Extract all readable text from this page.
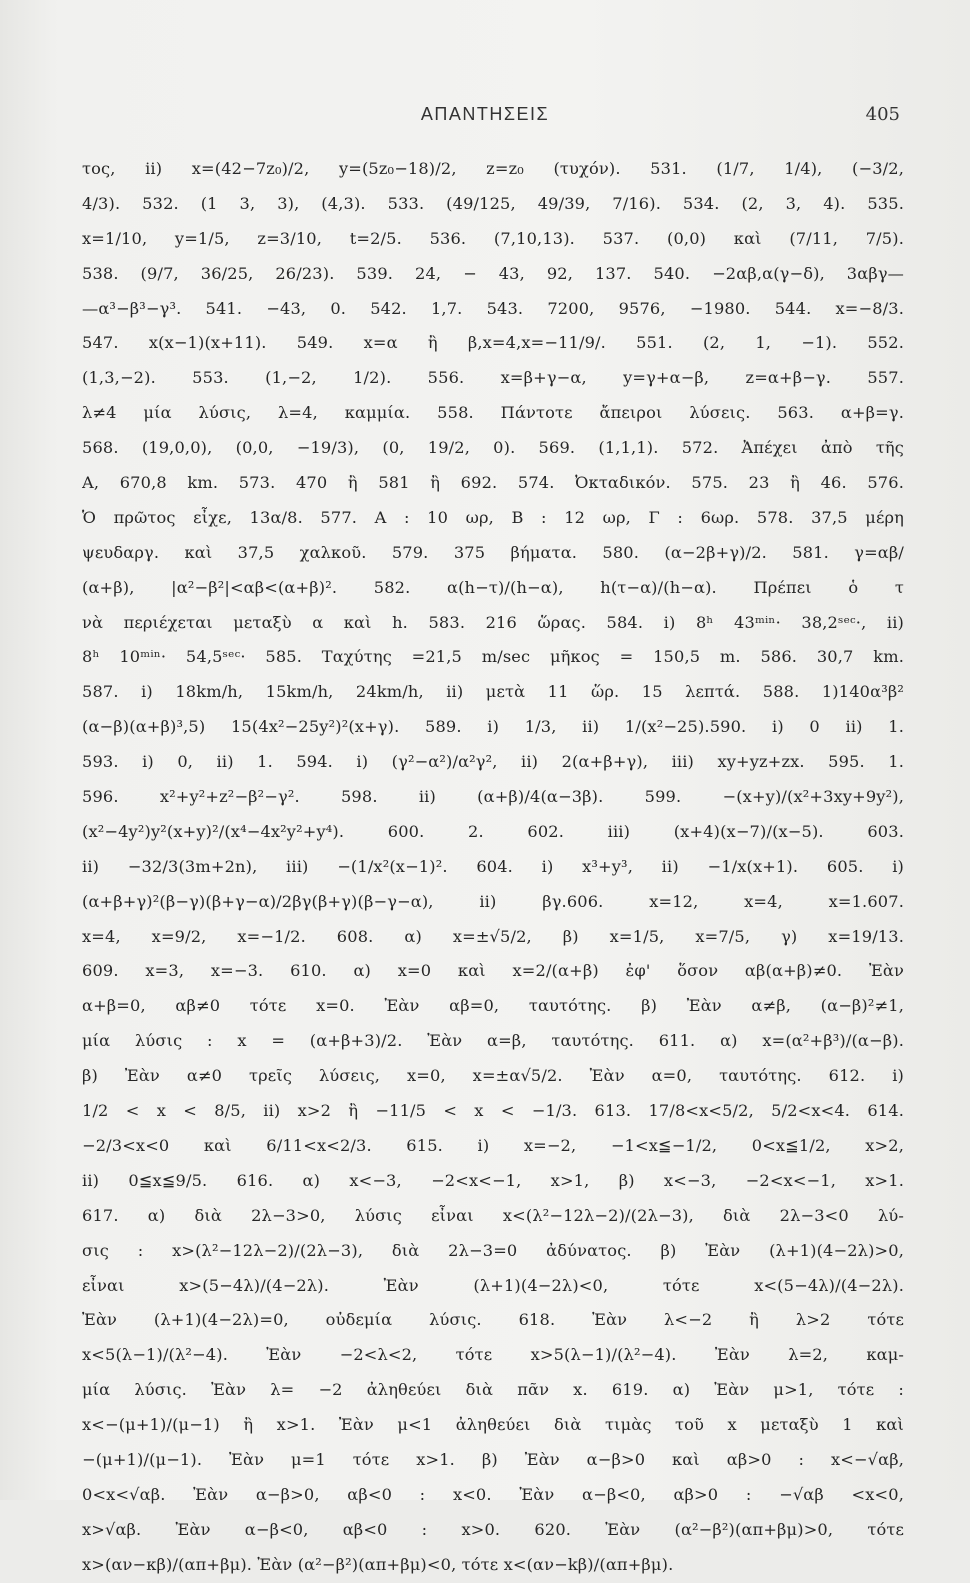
ΑΠΑΝΤΗΣΕΙΣ	405
τος, ii) x=(42−7z₀)/2, y=(5z₀−18)/2, z=z₀ (τυχόν). 531. (1/7, 1/4), (−3/2,
4/3). 532. (1 3, 3), (4,3). 533. (49/125, 49/39, 7/16). 534. (2, 3, 4). 535.
x=1/10, y=1/5, z=3/10, t=2/5. 536. (7,10,13). 537. (0,0) καὶ (7/11, 7/5).
538. (9/7, 36/25, 26/23). 539. 24, − 43, 92, 137. 540. −2αβ,α(γ−δ), 3αβγ—
—α³−β³−γ³. 541. −43, 0. 542. 1,7. 543. 7200, 9576, −1980. 544. x=−8/3.
547. x(x−1)(x+11). 549. x=α ἢ β,x=4,x=−11/9/. 551. (2, 1, −1). 552.
(1,3,−2). 553. (1,−2, 1/2). 556. x=β+γ−α, y=γ+α−β, z=α+β−γ. 557.
λ≠4 μία λύσις, λ=4, καμμία. 558. Πάντοτε ἄπειροι λύσεις. 563. α+β=γ.
568. (19,0,0), (0,0, −19/3), (0, 19/2, 0). 569. (1,1,1). 572. Ἀπέχει ἀπὸ τῆς
Α, 670,8 km. 573. 470 ἢ 581 ἢ 692. 574. Ὀκταδικόν. 575. 23 ἢ 46. 576.
Ὁ πρῶτος εἶχε, 13α/8. 577. Α : 10 ωρ, Β : 12 ωρ, Γ : 6ωρ. 578. 37,5 μέρη
ψευδαργ. καὶ 37,5 χαλκοῦ. 579. 375 βήματα. 580. (α−2β+γ)/2. 581. γ=αβ/
(α+β), |α²−β²|<αβ<(α+β)². 582. α(h−τ)/(h−α), h(τ−α)/(h−α). Πρέπει ὁ τ
νὰ περιέχεται μεταξὺ α καὶ h. 583. 216 ὥρας. 584. i) 8ʰ 43ᵐⁱⁿ· 38,2ˢᵉᶜ·, ii)
8ʰ 10ᵐⁱⁿ· 54,5ˢᵉᶜ· 585. Ταχύτης =21,5 m/sec μῆκος = 150,5 m. 586. 30,7 km.
587. i) 18km/h, 15km/h, 24km/h, ii) μετὰ 11 ὥρ. 15 λεπτά. 588. 1)140α³β²
(α−β)(α+β)³,5) 15(4x²−25y²)²(x+γ). 589. i) 1/3, ii) 1/(x²−25).590. i) 0 ii) 1.
593. i) 0, ii) 1. 594. i) (γ²−α²)/α²γ², ii) 2(α+β+γ), iii) xy+yz+zx. 595. 1.
596. x²+y²+z²−β²−γ². 598. ii) (α+β)/4(α−3β). 599. −(x+y)/(x²+3xy+9y²),
(x²−4y²)y²(x+y)²/(x⁴−4x²y²+y⁴). 600. 2. 602. iii) (x+4)(x−7)/(x−5). 603.
ii) −32/3(3m+2n), iii) −(1/x²(x−1)². 604. i) x³+y³, ii) −1/x(x+1). 605. i)
(α+β+γ)²(β−γ)(β+γ−α)/2βγ(β+γ)(β−γ−α), ii) βγ.606. x=12, x=4, x=1.607.
x=4, x=9/2, x=−1/2. 608. α) x=±√5/2, β) x=1/5, x=7/5, γ) x=19/13.
609. x=3, x=−3. 610. α) x=0 καὶ x=2/(α+β) ἐφ' ὅσον αβ(α+β)≠0. Ἐὰν
α+β=0, αβ≠0 τότε x=0. Ἐὰν αβ=0, ταυτότης. β) Ἐὰν α≠β, (α−β)²≠1,
μία λύσις : x = (α+β+3)/2. Ἐὰν α=β, ταυτότης. 611. α) x=(α²+β³)/(α−β).
β) Ἐὰν α≠0 τρεῖς λύσεις, x=0, x=±α√5/2. Ἐὰν α=0, ταυτότης. 612. i)
1/2 < x < 8/5, ii) x>2 ἢ −11/5 < x < −1/3. 613. 17/8<x<5/2, 5/2<x<4. 614.
−2/3<x<0 καὶ 6/11<x<2/3. 615. i) x=−2, −1<x≦−1/2, 0<x≦1/2, x>2,
ii) 0≦x≦9/5. 616. α) x<−3, −2<x<−1, x>1, β) x<−3, −2<x<−1, x>1.
617. α) διὰ 2λ−3>0, λύσις εἶναι x<(λ²−12λ−2)/(2λ−3), διὰ 2λ−3<0 λύ-
σις : x>(λ²−12λ−2)/(2λ−3), διὰ 2λ−3=0 ἀδύνατος. β) Ἐὰν (λ+1)(4−2λ)>0,
εἶναι x>(5−4λ)/(4−2λ). Ἐὰν (λ+1)(4−2λ)<0, τότε x<(5−4λ)/(4−2λ).
Ἐὰν (λ+1)(4−2λ)=0, οὐδεμία λύσις. 618. Ἐὰν λ<−2 ἢ λ>2 τότε
x<5(λ−1)/(λ²−4). Ἐὰν −2<λ<2, τότε x>5(λ−1)/(λ²−4). Ἐὰν λ=2, καμ-
μία λύσις. Ἐὰν λ= −2 ἀληθεύει διὰ πᾶν x. 619. α) Ἐὰν μ>1, τότε :
x<−(μ+1)/(μ−1) ἢ x>1. Ἐὰν μ<1 ἀληθεύει διὰ τιμὰς τοῦ x μεταξὺ 1 καὶ
−(μ+1)/(μ−1). Ἐὰν μ=1 τότε x>1. β) Ἐὰν α−β>0 καὶ αβ>0 : x<−√αβ,
0<x<√αβ. Ἐὰν α−β>0, αβ<0 : x<0. Ἐὰν α−β<0, αβ>0 : −√αβ <x<0,
x>√αβ. Ἐὰν α−β<0, αβ<0 : x>0. 620. Ἐὰν (α²−β²)(απ+βμ)>0, τότε
x>(αν−κβ)/(απ+βμ). Ἐὰν (α²−β²)(απ+βμ)<0, τότε x<(αν−kβ)/(απ+βμ).
